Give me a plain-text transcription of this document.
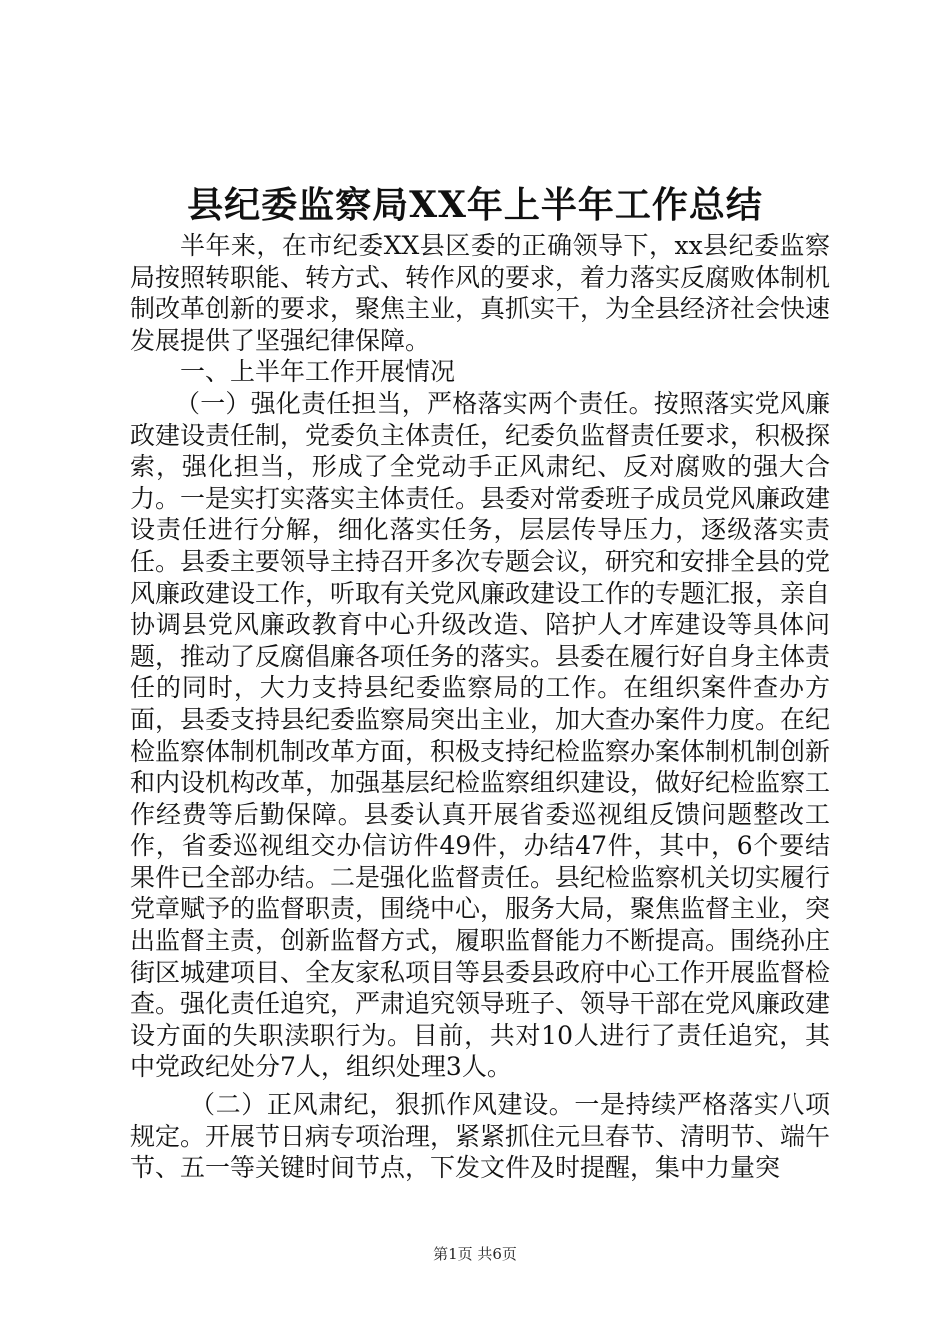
县纪委监察局XX年上半年工作总结

半年来，在市纪委XX县区委的正确领导下，xx县纪委监察局按照转职能、转方式、转作风的要求，着力落实反腐败体制机制改革创新的要求，聚焦主业，真抓实干，为全县经济社会快速发展提供了坚强纪律保障。

一、上半年工作开展情况

（一）强化责任担当，严格落实两个责任。按照落实党风廉政建设责任制，党委负主体责任，纪委负监督责任要求，积极探索，强化担当，形成了全党动手正风肃纪、反对腐败的强大合力。一是实打实落实主体责任。县委对常委班子成员党风廉政建设责任进行分解，细化落实任务，层层传导压力，逐级落实责任。县委主要领导主持召开多次专题会议，研究和安排全县的党风廉政建设工作，听取有关党风廉政建设工作的专题汇报，亲自协调县党风廉政教育中心升级改造、陪护人才库建设等具体问题，推动了反腐倡廉各项任务的落实。县委在履行好自身主体责任的同时，大力支持县纪委监察局的工作。在组织案件查办方面，县委支持县纪委监察局突出主业，加大查办案件力度。在纪检监察体制机制改革方面，积极支持纪检监察办案体制机制创新和内设机构改革，加强基层纪检监察组织建设，做好纪检监察工作经费等后勤保障。县委认真开展省委巡视组反馈问题整改工作，省委巡视组交办信访件49件，办结47件，其中，6个要结果件已全部办结。二是强化监督责任。县纪检监察机关切实履行党章赋予的监督职责，围绕中心，服务大局，聚焦监督主业，突出监督主责，创新监督方式，履职监督能力不断提高。围绕孙庄街区城建项目、全友家私项目等县委县政府中心工作开展监督检查。强化责任追究，严肃追究领导班子、领导干部在党风廉政建设方面的失职渎职行为。目前，共对10人进行了责任追究，其中党政纪处分7人，组织处理3人。

（二）正风肃纪，狠抓作风建设。一是持续严格落实八项规定。开展节日病专项治理，紧紧抓住元旦春节、清明节、端午节、五一等关键时间节点，下发文件及时提醒，集中力量突

第1页 共6页
